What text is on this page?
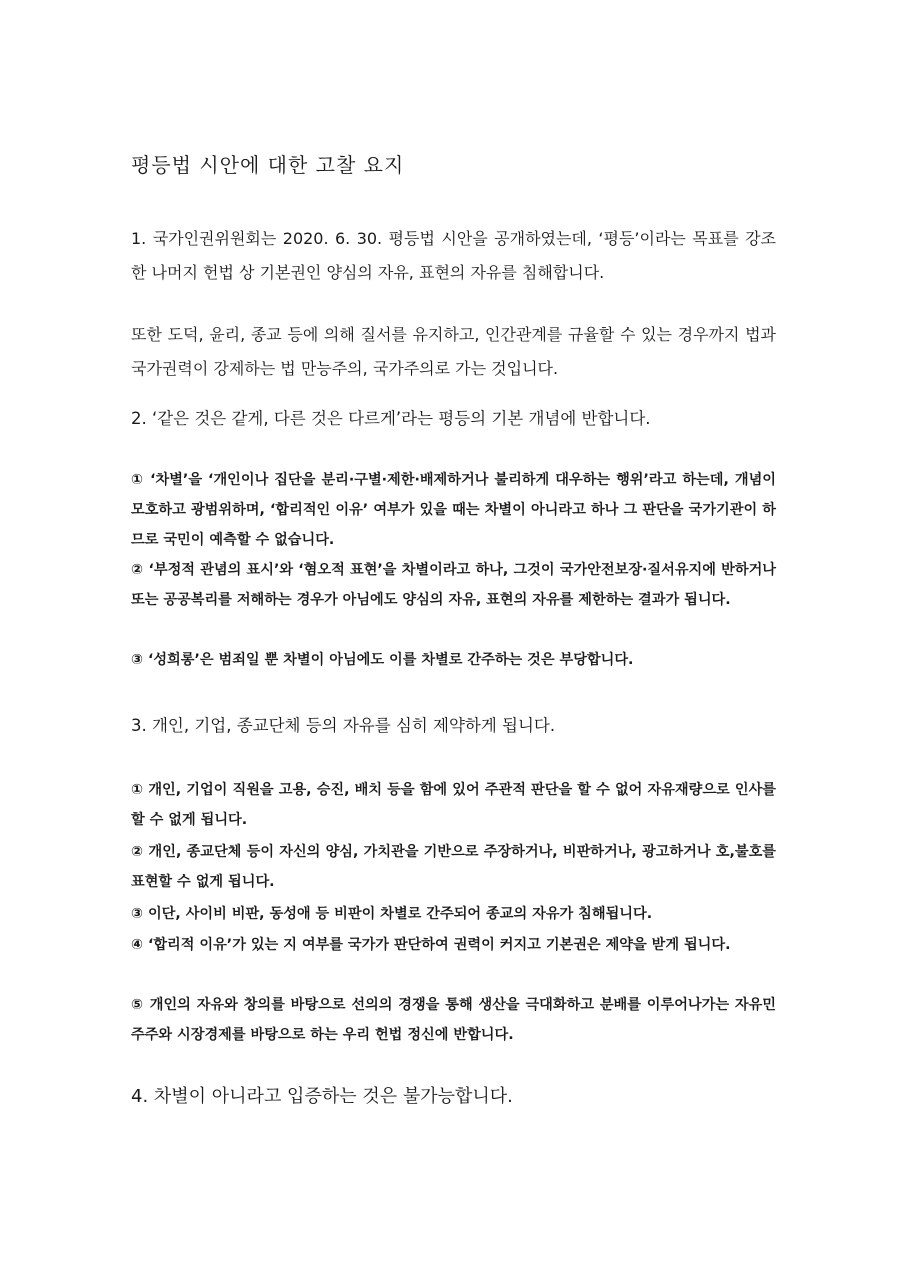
평등법 시안에 대한 고찰 요지

1. 국가인권위원회는 2020. 6. 30. 평등법 시안을 공개하였는데, ‘평등’이라는 목표를 강조한 나머지 헌법 상 기본권인 양심의 자유, 표현의 자유를 침해합니다.

또한 도덕, 윤리, 종교 등에 의해 질서를 유지하고, 인간관계를 규율할 수 있는 경우까지 법과 국가권력이 강제하는 법 만능주의, 국가주의로 가는 것입니다.

2. ‘같은 것은 같게, 다른 것은 다르게’라는 평등의 기본 개념에 반합니다.

① ‘차별’을 ‘개인이나 집단을 분리·구별·제한·배제하거나 불리하게 대우하는 행위’라고 하는데, 개념이 모호하고 광범위하며, ‘합리적인 이유’ 여부가 있을 때는 차별이 아니라고 하나 그 판단을 국가기관이 하므로 국민이 예측할 수 없습니다.

② ‘부정적 관념의 표시’와 ‘혐오적 표현’을 차별이라고 하나, 그것이 국가안전보장·질서유지에 반하거나 또는 공공복리를 저해하는 경우가 아님에도 양심의 자유, 표현의 자유를 제한하는 결과가 됩니다.

③ ‘성희롱’은 범죄일 뿐 차별이 아님에도 이를 차별로 간주하는 것은 부당합니다.

3. 개인, 기업, 종교단체 등의 자유를 심히 제약하게 됩니다.

① 개인, 기업이 직원을 고용, 승진, 배치 등을 함에 있어 주관적 판단을 할 수 없어 자유재량으로 인사를 할 수 없게 됩니다.

② 개인, 종교단체 등이 자신의 양심, 가치관을 기반으로 주장하거나, 비판하거나, 광고하거나 호,불호를 표현할 수 없게 됩니다.

③ 이단, 사이비 비판, 동성애 등 비판이 차별로 간주되어 종교의 자유가 침해됩니다.

④ ‘합리적 이유’가 있는 지 여부를 국가가 판단하여 권력이 커지고 기본권은 제약을 받게 됩니다.

⑤ 개인의 자유와 창의를 바탕으로 선의의 경쟁을 통해 생산을 극대화하고 분배를 이루어나가는 자유민주주와 시장경제를 바탕으로 하는 우리 헌법 정신에 반합니다.

4. 차별이 아니라고 입증하는 것은 불가능합니다.
